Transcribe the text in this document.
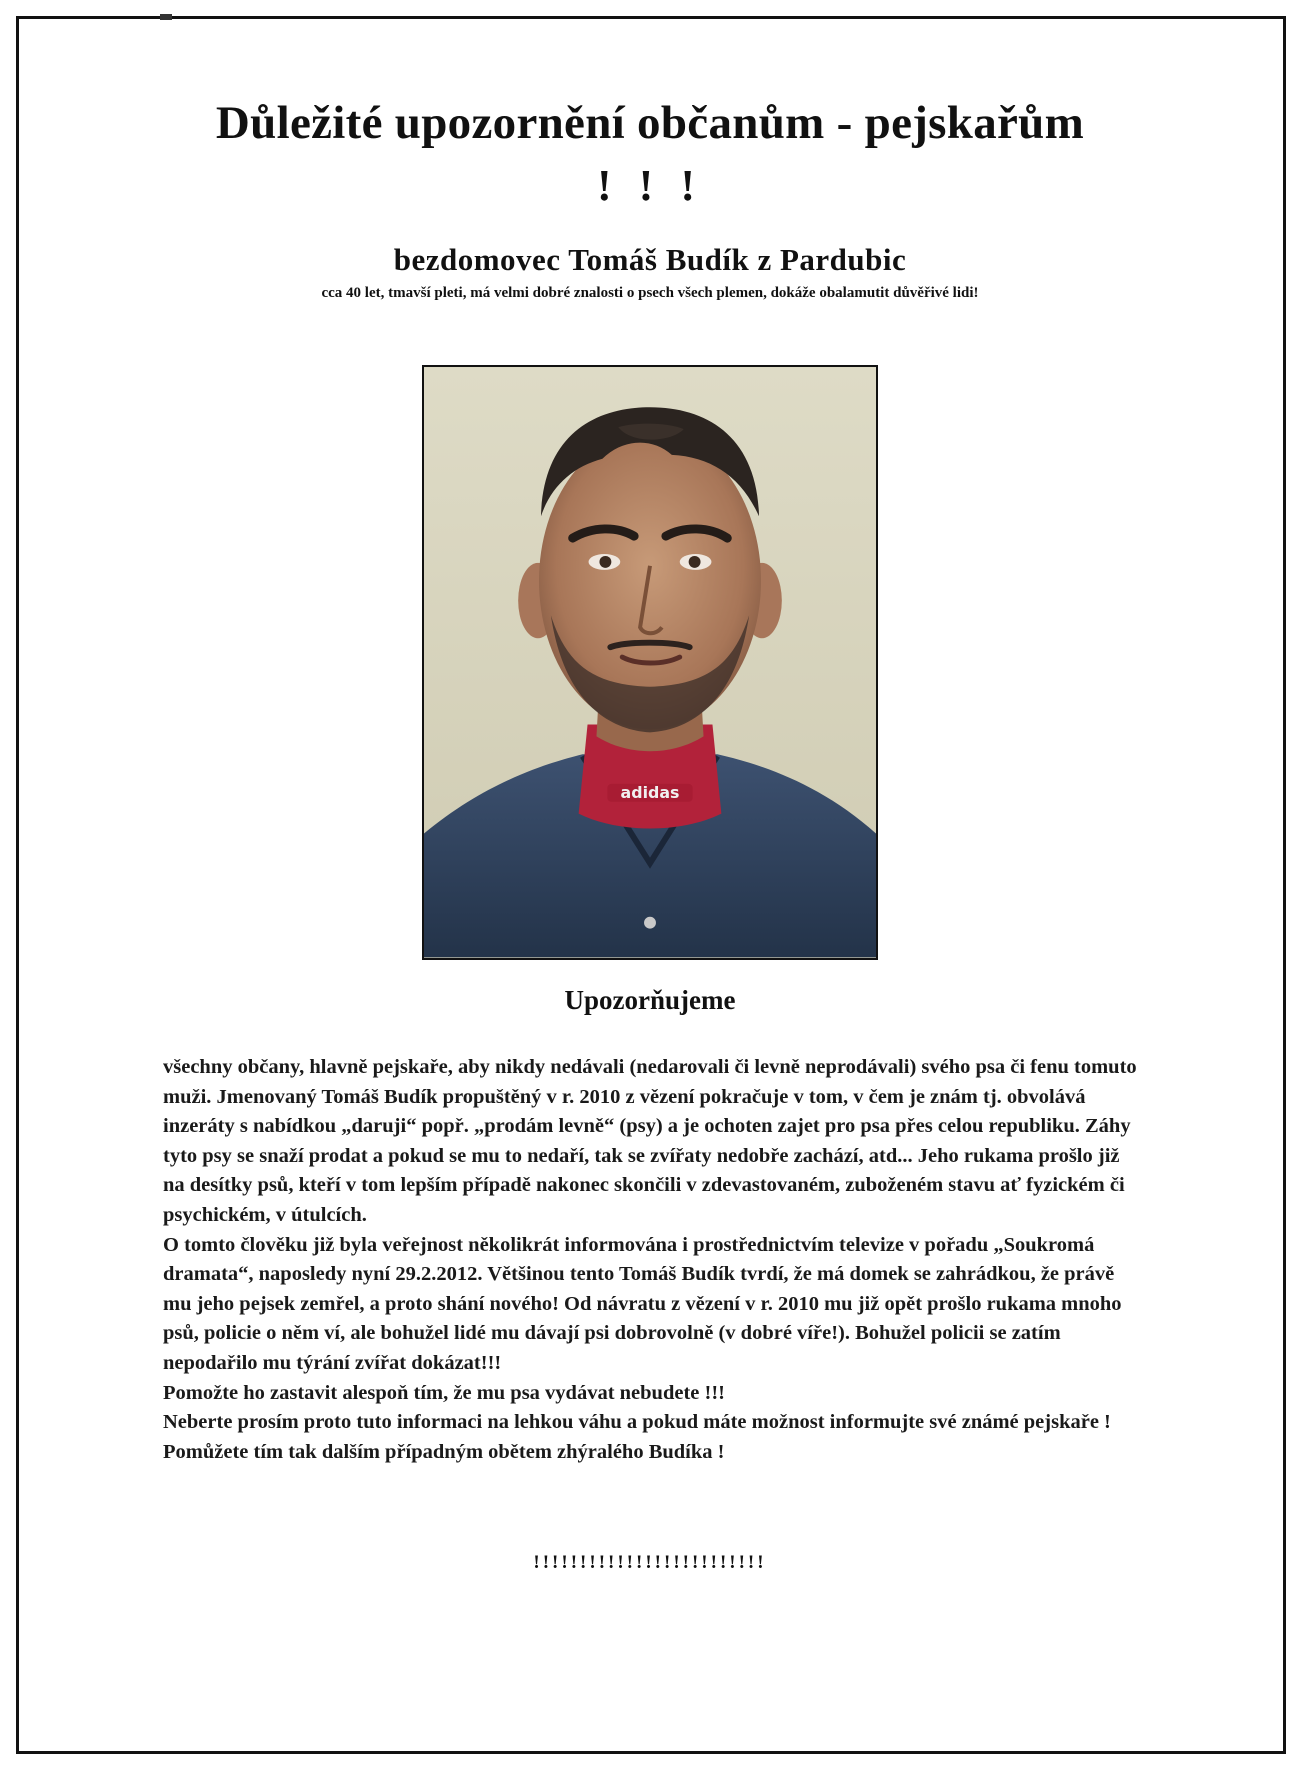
Důležité upozornění občanům - pejskařům
! ! !
bezdomovec Tomáš Budík z Pardubic
cca 40 let, tmavší pleti, má velmi dobré znalosti o psech všech plemen, dokáže obalamutit důvěřivé lidi!
adidas
Upozorňujeme

všechny občany, hlavně pejskaře, aby nikdy nedávali (nedarovali či levně neprodávali) svého psa či fenu tomuto muži. Jmenovaný Tomáš Budík propuštěný v r. 2010 z vězení pokračuje v tom, v čem je znám tj. obvolává inzeráty s nabídkou „daruji“ popř. „prodám levně“ (psy) a je ochoten zajet pro psa přes celou republiku. Záhy tyto psy se snaží prodat a pokud se mu to nedaří, tak se zvířaty nedobře zachází, atd... Jeho rukama prošlo již na desítky psů, kteří v tom lepším případě nakonec skončili v zdevastovaném, zuboženém stavu ať fyzickém či psychickém, v útulcích.

O tomto člověku již byla veřejnost několikrát informována i prostřednictvím televize v pořadu „Soukromá dramata“, naposledy nyní 29.2.2012. Většinou tento Tomáš Budík tvrdí, že má domek se zahrádkou, že právě mu jeho pejsek zemřel, a proto shání nového! Od návratu z vězení v r. 2010 mu již opět prošlo rukama mnoho psů, policie o něm ví, ale bohužel lidé mu dávají psi dobrovolně (v dobré víře!). Bohužel policii se zatím nepodařilo mu týrání zvířat dokázat!!!

Pomožte ho zastavit alespoň tím, že mu psa vydávat nebudete !!!

Neberte prosím proto tuto informaci na lehkou váhu a pokud máte možnost informujte své známé pejskaře ! Pomůžete tím tak dalším případným obětem zhýralého Budíka !

!!!!!!!!!!!!!!!!!!!!!!!!!
